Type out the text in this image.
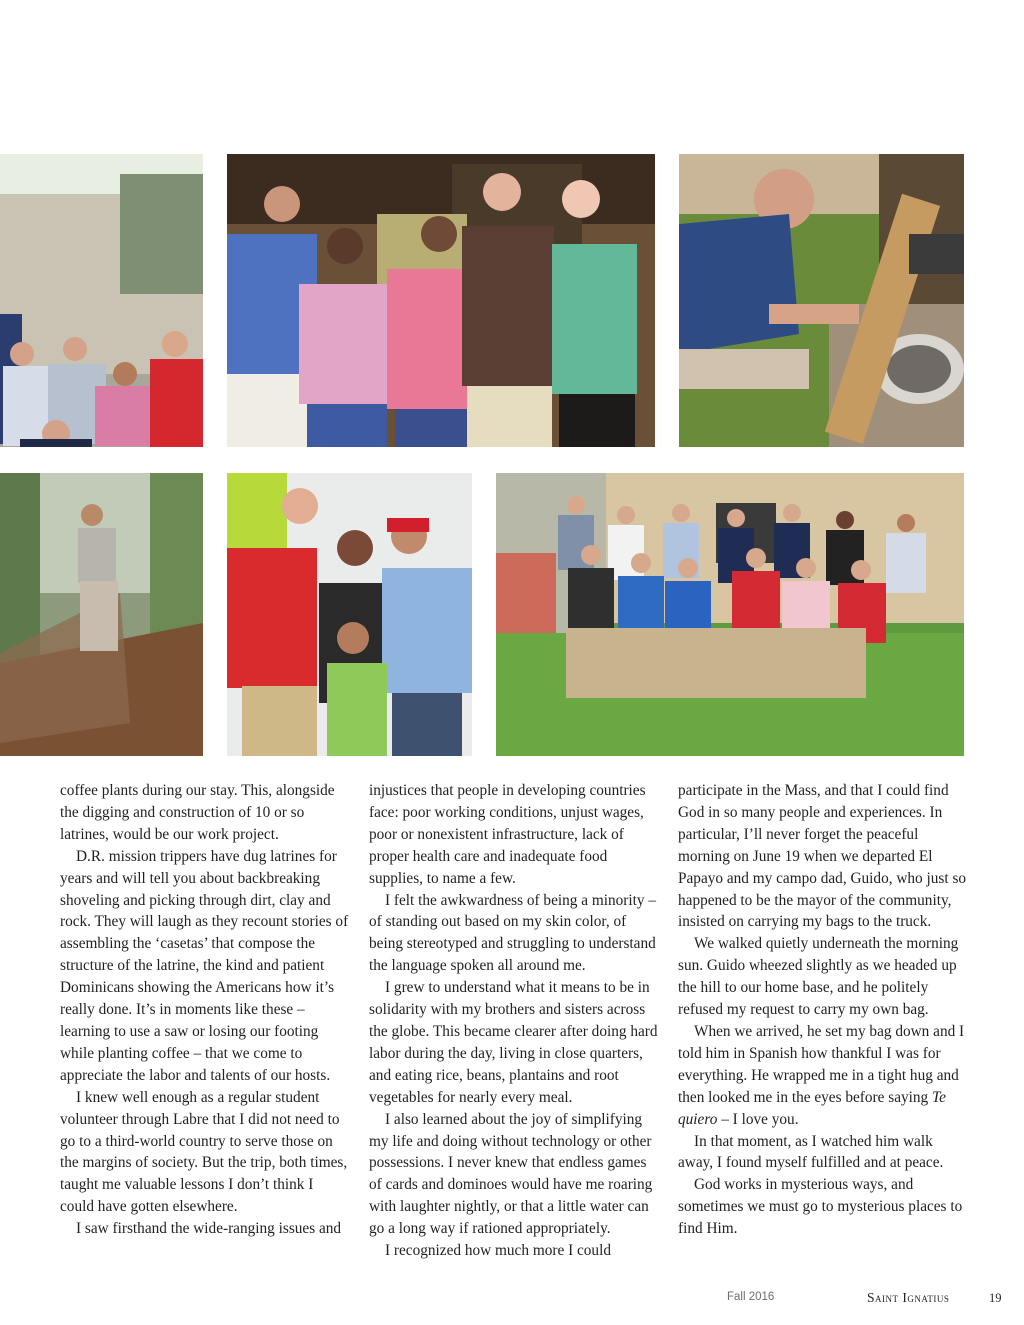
coffee plants during our stay. This, alongside the digging and construction of 10 or so latrines, would be our work project.

D.R. mission trippers have dug latrines for years and will tell you about backbreaking shoveling and picking through dirt, clay and rock. They will laugh as they recount stories of assembling the ‘casetas’ that compose the structure of the latrine, the kind and patient Dominicans showing the Americans how it’s really done. It’s in moments like these – learning to use a saw or losing our footing while planting coffee – that we come to appreciate the labor and talents of our hosts.

I knew well enough as a regular student volunteer through Labre that I did not need to go to a third-world country to serve those on the margins of society. But the trip, both times, taught me valuable lessons I don’t think I could have gotten elsewhere.

I saw firsthand the wide-ranging issues and

injustices that people in developing countries face: poor working conditions, unjust wages, poor or nonexistent infrastructure, lack of proper health care and inadequate food supplies, to name a few.

I felt the awkwardness of being a minority – of standing out based on my skin color, of being stereotyped and struggling to understand the language spoken all around me.

I grew to understand what it means to be in solidarity with my brothers and sisters across the globe. This became clearer after doing hard labor during the day, living in close quarters, and eating rice, beans, plantains and root vegetables for nearly every meal.

I also learned about the joy of simplifying my life and doing without technology or other possessions. I never knew that endless games of cards and dominoes would have me roaring with laughter nightly, or that a little water can go a long way if rationed appropriately.

I recognized how much more I could

participate in the Mass, and that I could find God in so many people and experiences. In particular, I’ll never forget the peaceful morning on June 19 when we departed El Papayo and my campo dad, Guido, who just so happened to be the mayor of the community, insisted on carrying my bags to the truck.

We walked quietly underneath the morning sun. Guido wheezed slightly as we headed up the hill to our home base, and he politely refused my request to carry my own bag.

When we arrived, he set my bag down and I told him in Spanish how thankful I was for everything. He wrapped me in a tight hug and then looked me in the eyes before saying Te quiero – I love you.

In that moment, as I watched him walk away, I found myself fulfilled and at peace.

God works in mysterious ways, and sometimes we must go to mysterious places to find Him.

Fall 2016	Saint Ignatius	19
